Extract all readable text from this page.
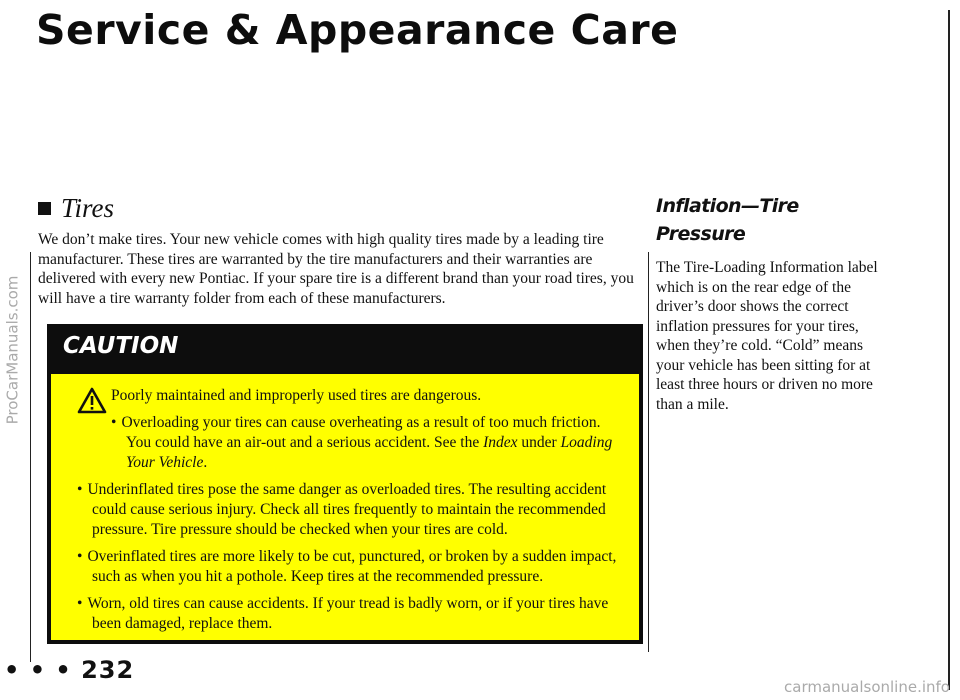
Service & Appearance Care
Tires

We don’t make tires. Your new vehicle comes with high quality tires made by a leading tire manufacturer. These tires are warranted by the tire manufacturers and their warranties are delivered with every new Pontiac. If your spare tire is a different brand than your road tires, you will have a tire warranty folder from each of these manufacturers.

CAUTION

Poorly maintained and improperly used tires are dangerous.

• Overloading your tires can cause overheating as a result of too much friction. You could have an air-out and a serious accident. See the Index under Loading Your Vehicle.

• Underinflated tires pose the same danger as overloaded tires. The resulting accident could cause serious injury. Check all tires frequently to maintain the recommended pressure. Tire pressure should be checked when your tires are cold.

• Overinflated tires are more likely to be cut, punctured, or broken by a sudden impact, such as when you hit a pothole. Keep tires at the recommended pressure.

• Worn, old tires can cause accidents. If your tread is badly worn, or if your tires have been damaged, replace them.

Inflation—Tire Pressure

The Tire-Loading Information label which is on the rear edge of the driver’s door shows the correct inflation pressures for your tires, when they’re cold. “Cold” means your vehicle has been sitting for at least three hours or driven no more than a mile.

• • • 232

ProCarManuals.com
carmanualsonline.info
